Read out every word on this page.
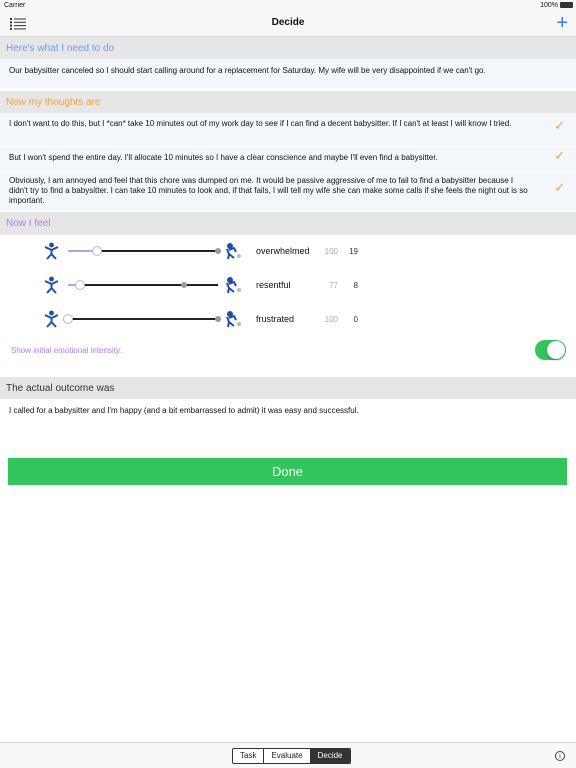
Carrier	100%
Decide	+
Here's what I need to do
Our babysitter canceled so I should start calling around for a replacement for Saturday. My wife will be very disappointed if we can't go.
Now my thoughts are
I don't want to do this, but I *can* take 10 minutes out of my work day to see if I can find a decent babysitter. If I can't at least I will know I tried.	✓
But I won't spend the entire day. I'll allocate 10 minutes so I have a clear conscience and maybe I'll even find a babysitter.	✓
Obviously, I am annoyed and feel that this chore was dumped on me. It would be passive aggressive of me to fail to find a babysitter because I didn't try to find a babysitter. I can take 10 minutes to look and, if that fails, I will tell my wife she can make some calls if she feels the night out is so important.
✓
Now I feel
overwhelmed	100	19
resentful	77	8
frustrated	100	0
Show initial emotional intensity:
The actual outcome was
I called for a babysitter and I'm happy (and a bit embarrassed to admit) it was easy and successful.
Done
Task	Evaluate	Decide	i
